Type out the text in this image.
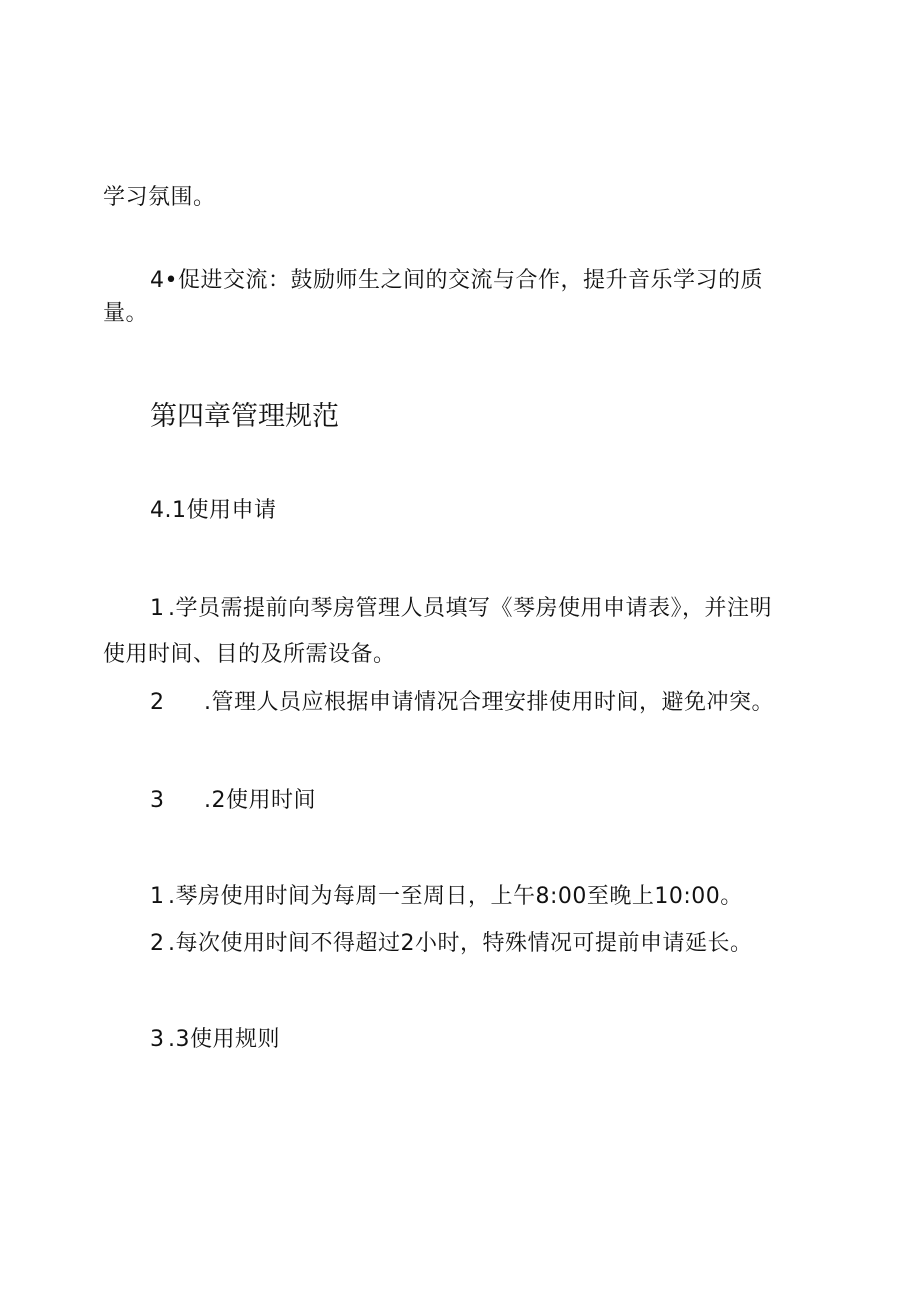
学习氛围。
4•促进交流：鼓励师生之间的交流与合作，提升音乐学习的质
量。
第四章管理规范
4.1使用申请
1 .学员需提前向琴房管理人员填写《琴房使用申请表》，并注明
使用时间、目的及所需设备。
2 .管理人员应根据申请情况合理安排使用时间，避免冲突。
3 .2使用时间
1 .琴房使用时间为每周一至周日，上午8:00至晚上10:00。
2 .每次使用时间不得超过2小时，特殊情况可提前申请延长。
3 .3使用规则
